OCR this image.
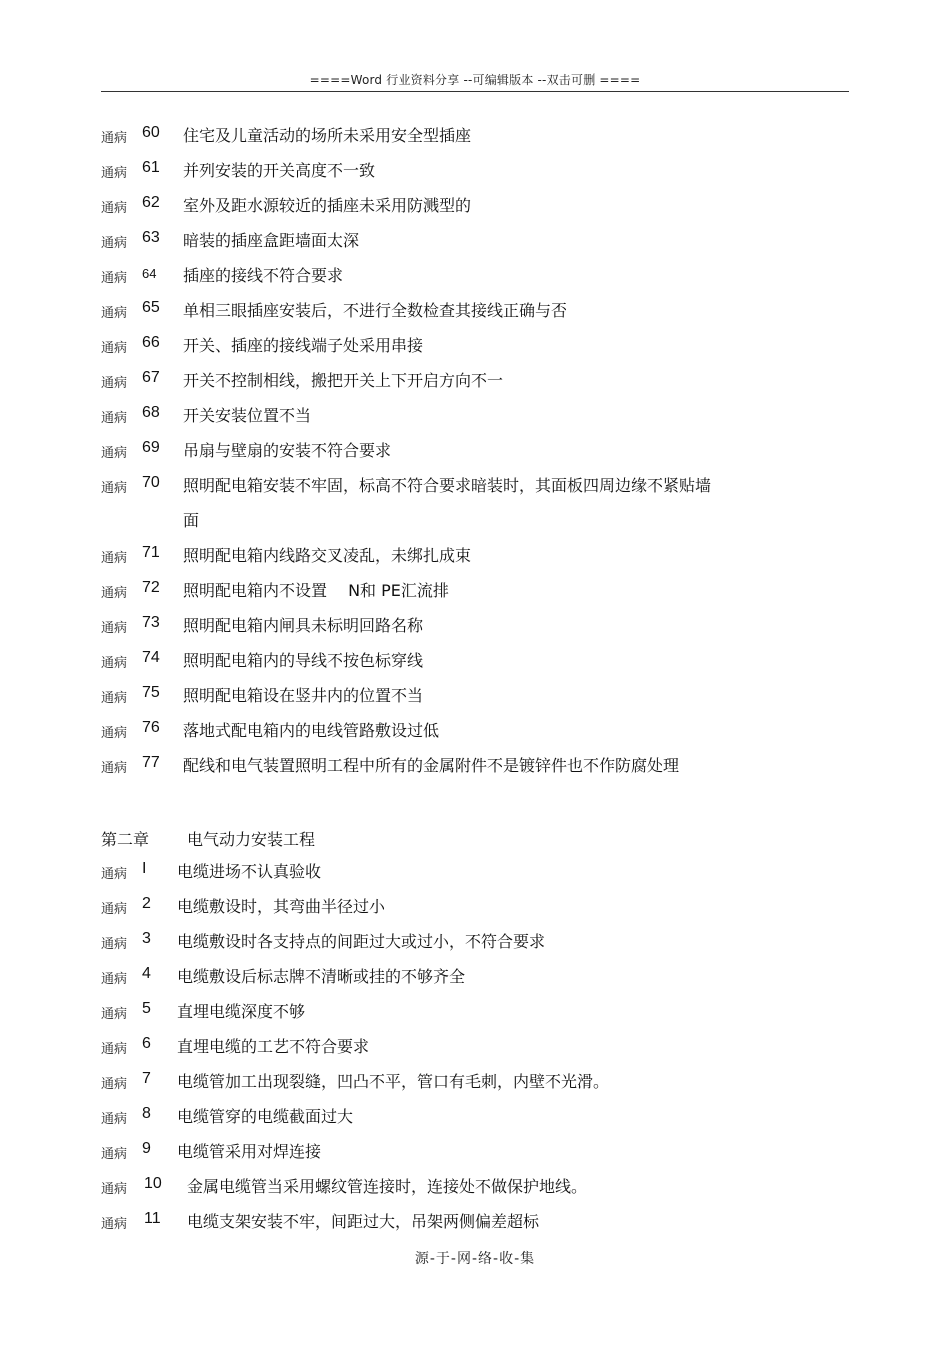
====Word 行业资料分享 --可编辑版本 --双击可删 ====
通病 60 住宅及儿童活动的场所未采用安全型插座
通病 61 并列安装的开关高度不一致
通病 62 室外及距水源较近的插座未采用防溅型的
通病 63 暗装的插座盒距墙面太深
通病 64 插座的接线不符合要求
通病 65 单相三眼插座安装后，不进行全数检查其接线正确与否
通病 66 开关、插座的接线端子处采用串接
通病 67 开关不控制相线，搬把开关上下开启方向不一
通病 68 开关安装位置不当
通病 69 吊扇与壁扇的安装不符合要求
通病 70 照明配电箱安装不牢固，标高不符合要求暗装时，其面板四周边缘不紧贴墙
面
通病 71 照明配电箱内线路交叉凌乱，未绑扎成束
通病 72 照明配电箱内不设置　 N和 PE汇流排
通病 73 照明配电箱内闸具未标明回路名称
通病 74 照明配电箱内的导线不按色标穿线
通病 75 照明配电箱设在竖井内的位置不当
通病 76 落地式配电箱内的电线管路敷设过低
通病 77 配线和电气装置照明工程中所有的金属附件不是镀锌件也不作防腐处理
通病 I 电缆进场不认真验收
通病 2 电缆敷设时，其弯曲半径过小
通病 3 电缆敷设时各支持点的间距过大或过小，不符合要求
通病 4 电缆敷设后标志牌不清晰或挂的不够齐全
通病 5 直埋电缆深度不够
通病 6 直埋电缆的工艺不符合要求
通病 7 电缆管加工出现裂缝，凹凸不平，管口有毛刺，内壁不光滑。
通病 8 电缆管穿的电缆截面过大
通病 9 电缆管采用对焊连接
通病 10 金属电缆管当采用螺纹管连接时，连接处不做保护地线。
通病 11 电缆支架安装不牢，间距过大，吊架两侧偏差超标
第二章 电气动力安装工程
源-于-网-络-收-集
